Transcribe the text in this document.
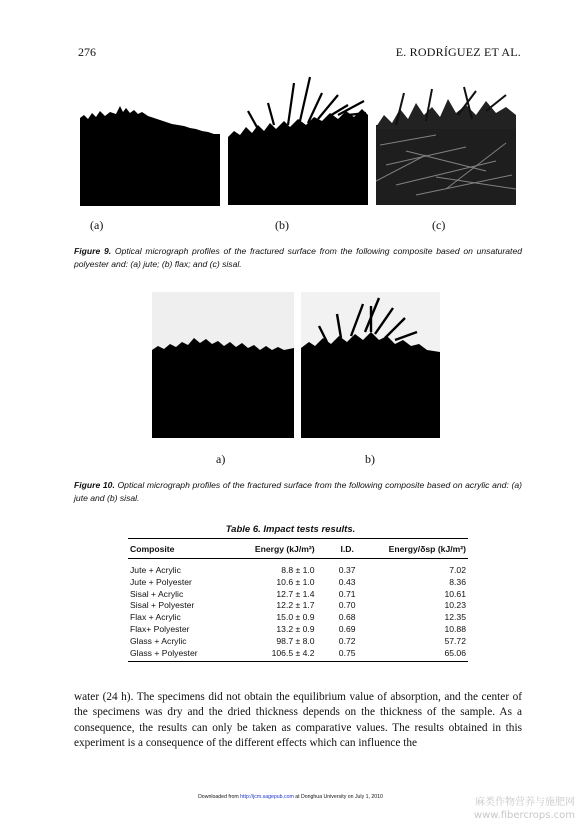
276	E. RODRÍGUEZ ET AL.
(a)	(b)	(c)
Figure 9. Optical micrograph profiles of the fractured surface from the following composite based on unsaturated polyester and: (a) jute; (b) flax; and (c) sisal.
a)	b)
Figure 10. Optical micrograph profiles of the fractured surface from the following composite based on acrylic and: (a) jute and (b) sisal.
Table 6. Impact tests results.
Composite	Energy (kJ/m²)	I.D.	Energy/δsp (kJ/m²)
Jute + Acrylic	8.8 ± 1.0	0.37	7.02
Jute + Polyester	10.6 ± 1.0	0.43	8.36
Sisal + Acrylic	12.7 ± 1.4	0.71	10.61
Sisal + Polyester	12.2 ± 1.7	0.70	10.23
Flax + Acrylic	15.0 ± 0.9	0.68	12.35
Flax+ Polyester	13.2 ± 0.9	0.69	10.88
Glass + Acrylic	98.7 ± 8.0	0.72	57.72
Glass + Polyester	106.5 ± 4.2	0.75	65.06
water (24 h). The specimens did not obtain the equilibrium value of absorption, and the center of the specimens was dry and the dried thickness depends on the thickness of the sample. As a consequence, the results can only be taken as comparative values. The results obtained in this experiment is a consequence of the different effects which can influence the
Downloaded from http://jcm.sagepub.com at Donghua University on July 1, 2010	麻类作物营养与施肥网
www.fibercrops.com
